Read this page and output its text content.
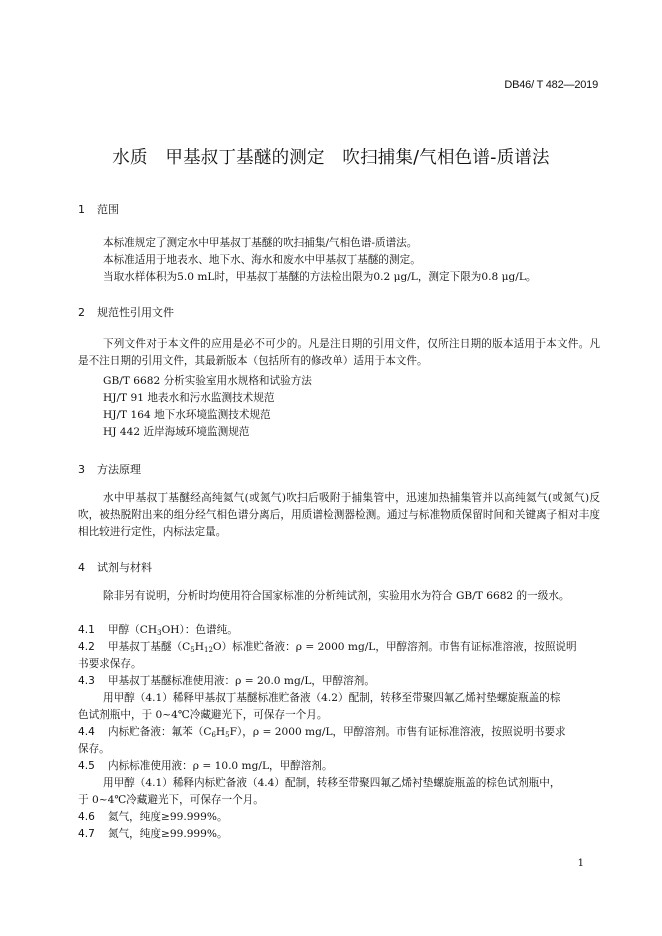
DB46/ T 482—2019
水质　甲基叔丁基醚的测定　吹扫捕集/气相色谱-质谱法
1 范围
本标准规定了测定水中甲基叔丁基醚的吹扫捕集/气相色谱-质谱法。
本标准适用于地表水、地下水、海水和废水中甲基叔丁基醚的测定。
当取水样体积为5.0 mL时，甲基叔丁基醚的方法检出限为0.2 μg/L，测定下限为0.8 μg/L。
2 规范性引用文件
下列文件对于本文件的应用是必不可少的。凡是注日期的引用文件，仅所注日期的版本适用于本文件。凡是不注日期的引用文件，其最新版本（包括所有的修改单）适用于本文件。
GB/T 6682 分析实验室用水规格和试验方法
HJ/T 91 地表水和污水监测技术规范
HJ/T 164 地下水环境监测技术规范
HJ 442 近岸海域环境监测规范
3 方法原理
水中甲基叔丁基醚经高纯氦气(或氮气)吹扫后吸附于捕集管中，迅速加热捕集管并以高纯氦气(或氮气)反吹，被热脱附出来的组分经气相色谱分离后，用质谱检测器检测。通过与标准物质保留时间和关键离子相对丰度相比较进行定性，内标法定量。
4 试剂与材料
除非另有说明，分析时均使用符合国家标准的分析纯试剂，实验用水为符合 GB/T 6682 的一级水。
4.1 甲醇$(CH_3OH)$：色谱纯。
4.2 甲基叔丁基醚$(C_5H_{12}O)$标准贮备液：ρ = 2000 mg/L，甲醇溶剂。市售有证标准溶液，按照说明
书要求保存。
4.3 甲基叔丁基醚标准使用液：ρ = 20.0 mg/L，甲醇溶剂。
用甲醇（4.1）稀释甲基叔丁基醚标准贮备液（4.2）配制，转移至带聚四氟乙烯衬垫螺旋瓶盖的棕
色试剂瓶中，于 0~4℃冷藏避光下，可保存一个月。
4.4 内标贮备液：氟苯$(C_6H_5F)$，ρ = 2000 mg/L，甲醇溶剂。市售有证标准溶液，按照说明书要求
保存。
4.5 内标标准使用液：ρ = 10.0 mg/L，甲醇溶剂。
用甲醇（4.1）稀释内标贮备液（4.4）配制，转移至带聚四氟乙烯衬垫螺旋瓶盖的棕色试剂瓶中，
于 0~4℃冷藏避光下，可保存一个月。
4.6 氦气，纯度≥99.999%。
4.7 氮气，纯度≥99.999%。
1
